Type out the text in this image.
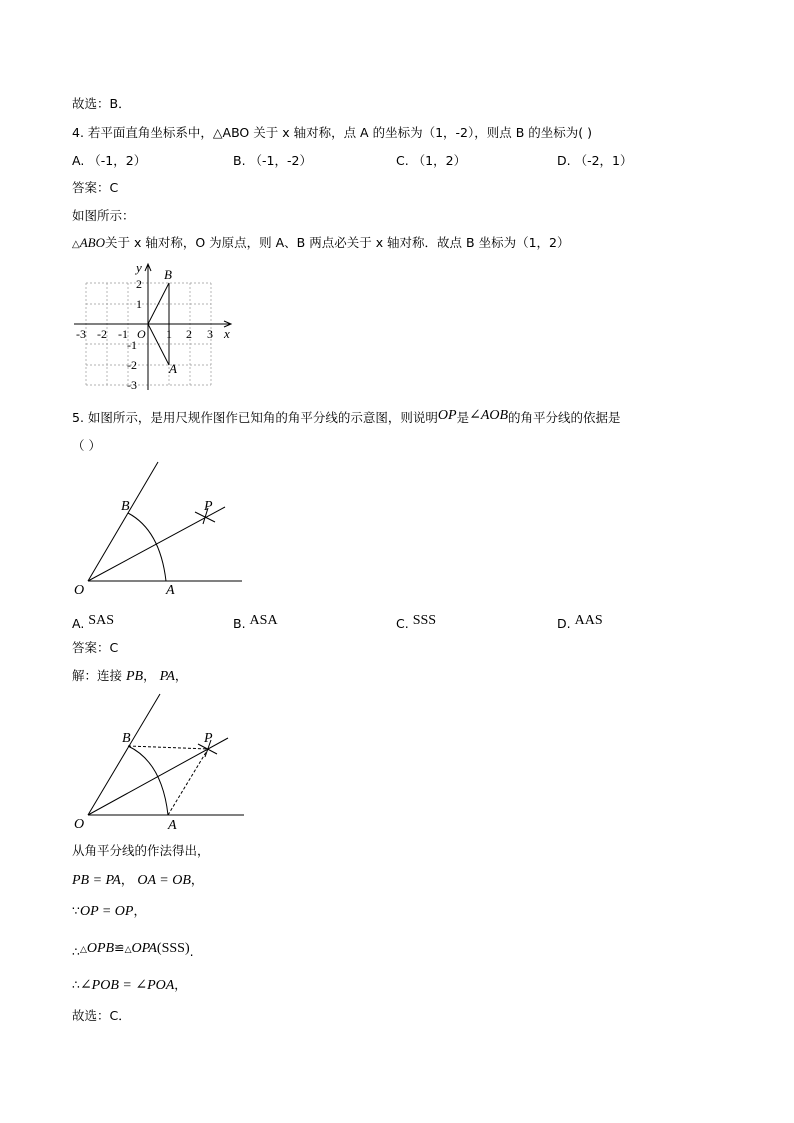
故选：B．
4. 若平面直角坐标系中，△ABO 关于 x 轴对称，点 A 的坐标为（1，-2），则点 B 的坐标为( )
A. （-1，2）	B. （-1，-2）	C. （1，2）	D. （-2，1）
答案：C
如图所示：
△ABO关于 x 轴对称，O 为原点，则 A、B 两点必关于 x 轴对称．故点 B 坐标为（1，2）
y
x
B
A
2
1
-1
-2
-3
-3 -2 -1 O 1 2 3
5. 如图所示，是用尺规作图作已知角的角平分线的示意图，则说明OP是∠AOB的角平分线的依据是
（ ）
O	A
B	P
A. SAS	B. ASA	C. SSS	D. AAS
答案：C
解：连接 PB， PA，
O	A
B	P
从角平分线的作法得出，
PB = PA， OA = OB，
∵OP = OP，
∴△OPB≌△OPA(SSS).
∴∠POB = ∠POA，
故选：C．
